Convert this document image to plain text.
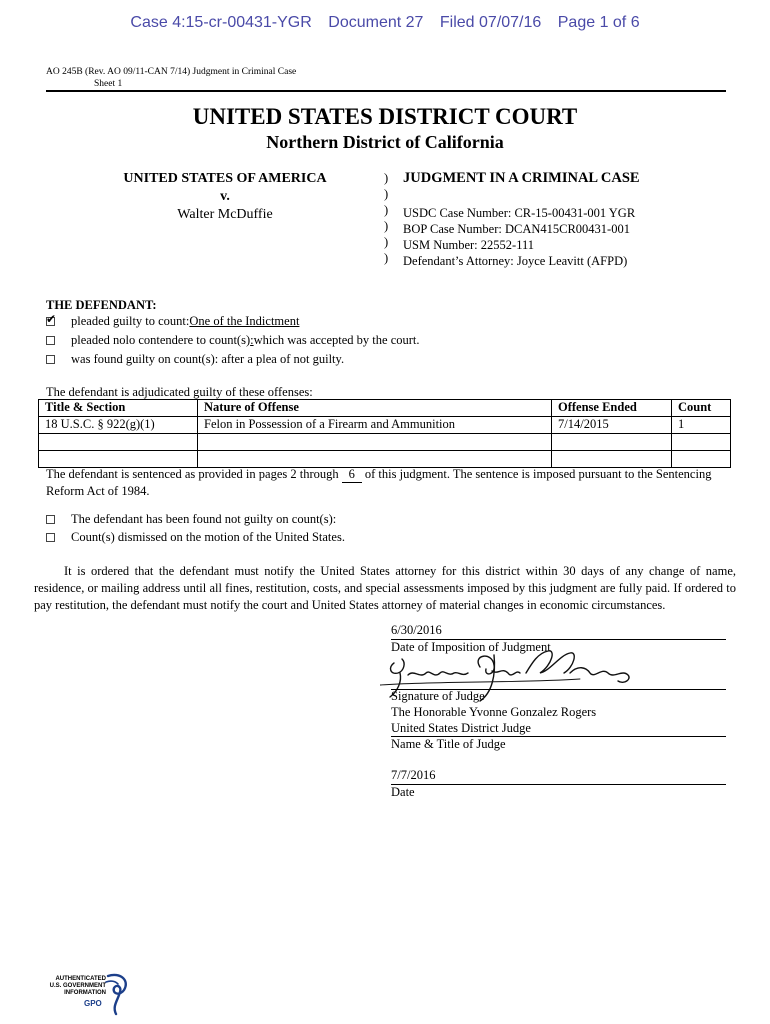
Case 4:15-cr-00431-YGR Document 27 Filed 07/07/16 Page 1 of 6
AO 245B (Rev. AO 09/11-CAN 7/14) Judgment in Criminal Case
Sheet 1
UNITED STATES DISTRICT COURT
Northern District of California
UNITED STATES OF AMERICA
v.
Walter McDuffie
)
)
)
)
)
)
JUDGMENT IN A CRIMINAL CASE
USDC Case Number: CR-15-00431-001 YGR
BOP Case Number: DCAN415CR00431-001
USM Number: 22552-111
Defendant’s Attorney: Joyce Leavitt (AFPD)
THE DEFENDANT:
✔ pleaded guilty to count: One of the Indictment
pleaded nolo contendere to count(s) : which was accepted by the court.
was found guilty on count(s): after a plea of not guilty.
The defendant is adjudicated guilty of these offenses:
Title & Section	Nature of Offense	Offense Ended	Count
18 U.S.C. § 922(g)(1)	Felon in Possession of a Firearm and Ammunition	7/14/2015	1

The defendant is sentenced as provided in pages 2 through 6 of this judgment. The sentence is imposed pursuant to the Sentencing Reform Act of 1984.
The defendant has been found not guilty on count(s):
Count(s) dismissed on the motion of the United States.
It is ordered that the defendant must notify the United States attorney for this district within 30 days of any change of name, residence, or mailing address until all fines, restitution, costs, and special assessments imposed by this judgment are fully paid. If ordered to pay restitution, the defendant must notify the court and United States attorney of material changes in economic circumstances.
6/30/2016
Date of Imposition of Judgment
Signature of Judge
The Honorable Yvonne Gonzalez Rogers
United States District Judge
Name & Title of Judge
7/7/2016
Date
AUTHENTICATED
U.S. GOVERNMENT
INFORMATION
GPO
